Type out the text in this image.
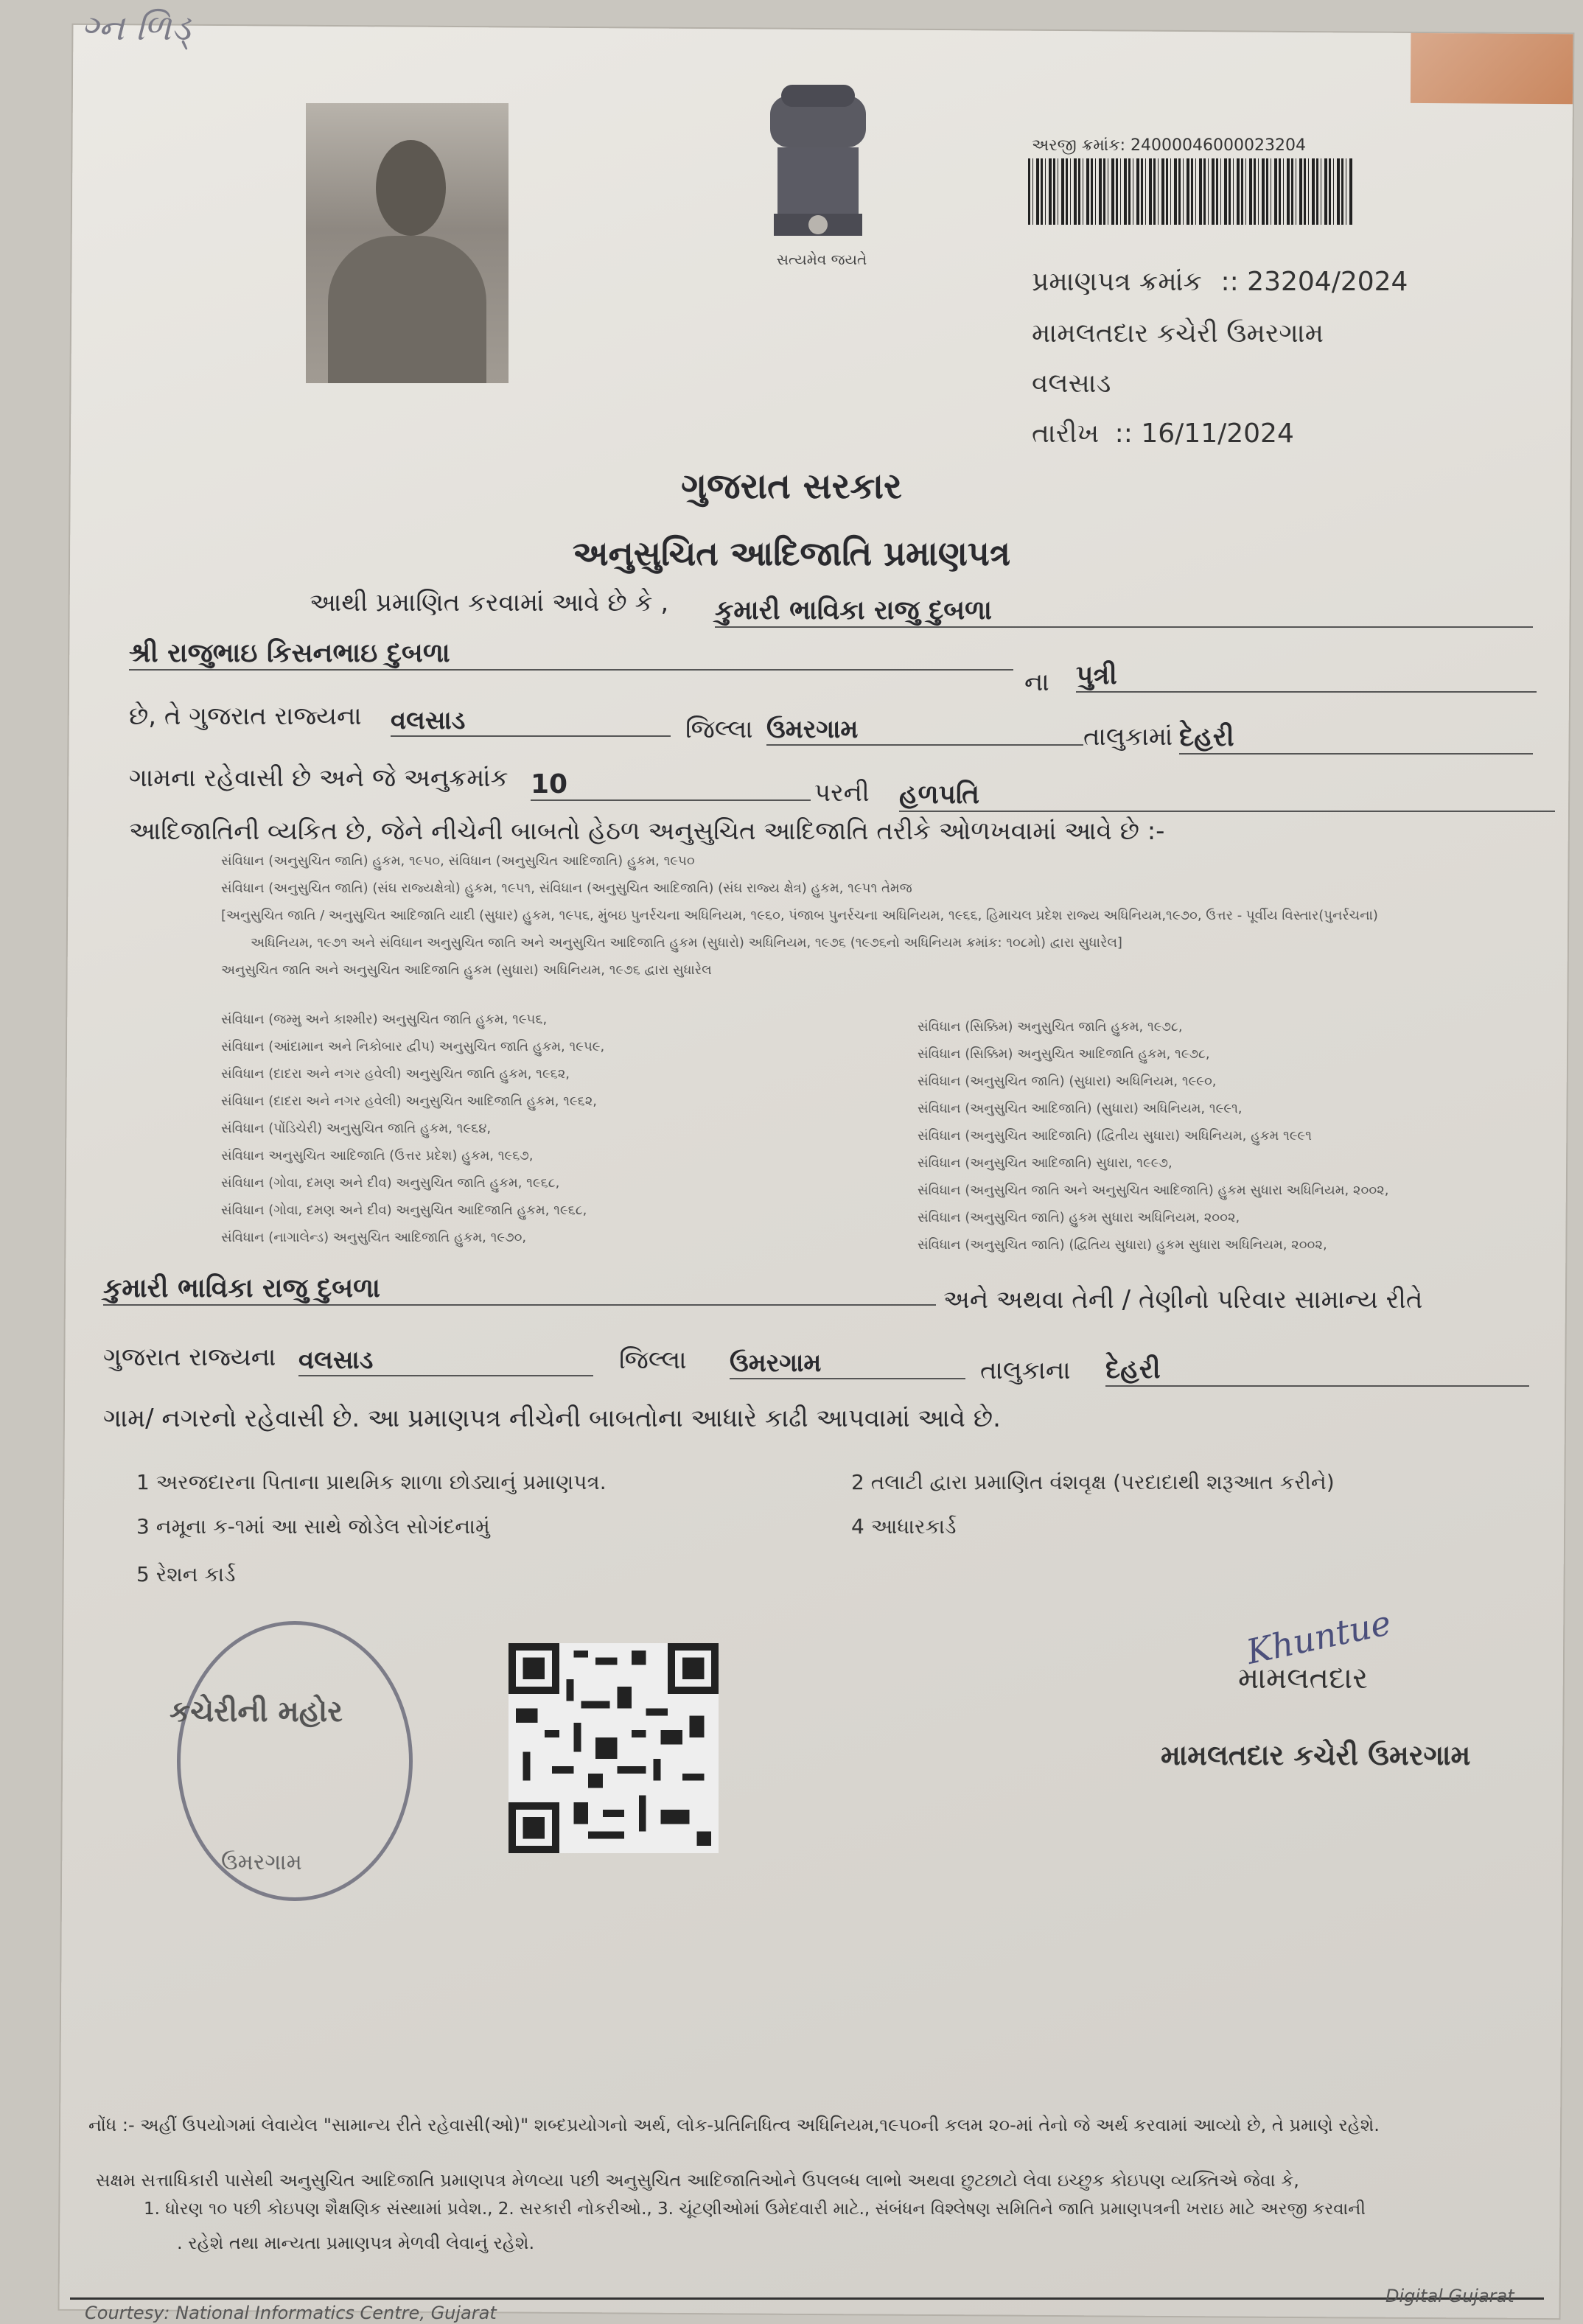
ગ્ન ળિડ્
સત્યમેવ જયતે
અરજી ક્રમાંક: 24000046000023204
પ્રમાણપત્ર ક્રમાંક :: 23204/2024
મામલતદાર કચેરી ઉમરગામ
વલસાડ
તારીખ :: 16/11/2024
ગુજરાત સરકાર
અનુસુચિત આદિજાતિ પ્રમાણપત્ર
આથી પ્રમાણિત કરવામાં આવે છે કે , કુમારી ભાવિકા રાજુ દુબળા
શ્રી રાજુભાઇ કિસનભાઇ દુબળા
ના પુત્રી
છે, તે ગુજરાત રાજ્યના વલસાડ	જિલ્લા ઉમરગામ	તાલુકામાં દેહરી
ગામના રહેવાસી છે અને જે અનુક્રમાંક 10	પરની હળપતિ
આદિજાતિની વ્યકિત છે, જેને નીચેની બાબતો હેઠળ અનુસુચિત આદિજાતિ તરીકે ઓળખવામાં આવે છે :-
સંવિધાન (અનુસુચિત જાતિ) હુકમ, ૧૯૫૦, સંવિધાન (અનુસુચિત આદિજાતિ) હુકમ, ૧૯૫૦
સંવિધાન (અનુસુચિત જાતિ) (સંઘ રાજ્યક્ષેત્રો) હુકમ, ૧૯૫૧, સંવિધાન (અનુસુચિત આદિજાતિ) (સંઘ રાજ્ય ક્ષેત્ર) હુકમ, ૧૯૫૧ તેમજ
[અનુસુચિત જાતિ / અનુસુચિત આદિજાતિ યાદી (સુધાર) હુકમ, ૧૯૫૬, મુંબઇ પુનર્રચના અધિનિયમ, ૧૯૬૦, પંજાબ પુનર્રચના અધિનિયમ, ૧૯૬૬, હિમાચલ પ્રદેશ રાજ્ય અધિનિયમ,૧૯૭૦, ઉત્તર - પૂર્વીય વિસ્તાર(પુનર્રચના)
અધિનિયમ, ૧૯૭૧ અને સંવિધાન અનુસુચિત જાતિ અને અનુસુચિત આદિજાતિ હુકમ (સુધારો) અધિનિયમ, ૧૯૭૬ (૧૯૭૬નો અધિનિયમ ક્રમાંક: ૧૦૮મો) દ્વારા સુધારેલ]
અનુસુચિત જાતિ અને અનુસુચિત આદિજાતિ હુકમ (સુધારા) અધિનિયમ, ૧૯૭૬ દ્વારા સુધારેલ
સંવિધાન (જમ્મુ અને કાશ્મીર) અનુસુચિત જાતિ હુકમ, ૧૯૫૬,
સંવિધાન (આંદામાન અને નિકોબાર દ્વીપ) અનુસુચિત જાતિ હુકમ, ૧૯૫૯,
સંવિધાન (દાદરા અને નગર હવેલી) અનુસુચિત જાતિ હુકમ, ૧૯૬૨,
સંવિધાન (દાદરા અને નગર હવેલી) અનુસુચિત આદિજાતિ હુકમ, ૧૯૬૨,
સંવિધાન (પોંડિચેરી) અનુસુચિત જાતિ હુકમ, ૧૯૬૪,
સંવિધાન અનુસુચિત આદિજાતિ (ઉત્તર પ્રદેશ) હુકમ, ૧૯૬૭,
સંવિધાન (ગોવા, દમણ અને દીવ) અનુસુચિત જાતિ હુકમ, ૧૯૬૮,
સંવિધાન (ગોવા, દમણ અને દીવ) અનુસુચિત આદિજાતિ હુકમ, ૧૯૬૮,
સંવિધાન (નાગાલેન્ડ) અનુસુચિત આદિજાતિ હુકમ, ૧૯૭૦,
સંવિધાન (સિક્કિમ) અનુસુચિત જાતિ હુકમ, ૧૯૭૮,
સંવિધાન (સિક્કિમ) અનુસુચિત આદિજાતિ હુકમ, ૧૯૭૮,
સંવિધાન (અનુસુચિત જાતિ) (સુધારા) અધિનિયમ, ૧૯૯૦,
સંવિધાન (અનુસુચિત આદિજાતિ) (સુધારા) અધિનિયમ, ૧૯૯૧,
સંવિધાન (અનુસુચિત આદિજાતિ) (દ્વિતીય સુધારા) અધિનિયમ, હુકમ ૧૯૯૧
સંવિધાન (અનુસુચિત આદિજાતિ) સુધારા, ૧૯૯૭,
સંવિધાન (અનુસુચિત જાતિ અને અનુસુચિત આદિજાતિ) હુકમ સુધારા અધિનિયમ, ૨૦૦૨,
સંવિધાન (અનુસુચિત જાતિ) હુકમ સુધારા અધિનિયમ, ૨૦૦૨,
સંવિધાન (અનુસુચિત જાતિ) (દ્વિતિય સુધારા) હુકમ સુધારા અધિનિયમ, ૨૦૦૨,
કુમારી ભાવિકા રાજુ દુબળા	અને અથવા તેની / તેણીનો પરિવાર સામાન્ય રીતે
ગુજરાત રાજ્યના વલસાડ	જિલ્લા ઉમરગામ	તાલુકાના દેહરી
ગામ/ નગરનો રહેવાસી છે. આ પ્રમાણપત્ર નીચેની બાબતોના આધારે કાઢી આપવામાં આવે છે.
1 અરજદારના પિતાના પ્રાથમિક શાળા છોડ્યાનું પ્રમાણપત્ર.	2 તલાટી દ્વારા પ્રમાણિત વંશવૃક્ષ (પરદાદાથી શરૂઆત કરીને)
3 નમૂના ક-૧માં આ સાથે જોડેલ સોગંદનામું	4 આધારકાર્ડ
5 રેશન કાર્ડ
કચેરીની મહોર
ઉમરગામ
Khuntue
મામલતદાર
મામલતદાર કચેરી ઉમરગામ
નોંધ :- અહીં ઉપયોગમાં લેવાયેલ "સામાન્ય રીતે રહેવાસી(ઓ)" શબ્દપ્રયોગનો અર્થ, લોક-પ્રતિનિધિત્વ અધિનિયમ,૧૯૫૦ની કલમ ૨૦-માં તેનો જે અર્થ કરવામાં આવ્યો છે, તે પ્રમાણે રહેશે.
સક્ષમ સત્તાધિકારી પાસેથી અનુસુચિત આદિજાતિ પ્રમાણપત્ર મેળવ્યા પછી અનુસુચિત આદિજાતિઓને ઉપલબ્ધ લાભો અથવા છુટછાટો લેવા ઇચ્છુક કોઇપણ વ્યક્તિએ જેવા કે,
1. ધોરણ ૧૦ પછી કોઇપણ શૈક્ષણિક સંસ્થામાં પ્રવેશ., 2. સરકારી નોકરીઓ., 3. ચૂંટણીઓમાં ઉમેદવારી માટે., સંબંધન વિશ્લેષણ સમિતિને જાતિ પ્રમાણપત્રની ખરાઇ માટે અરજી કરવાની
. રહેશે તથા માન્યતા પ્રમાણપત્ર મેળવી લેવાનું રહેશે.
Courtesy: National Informatics Centre, Gujarat
Digital Gujarat
